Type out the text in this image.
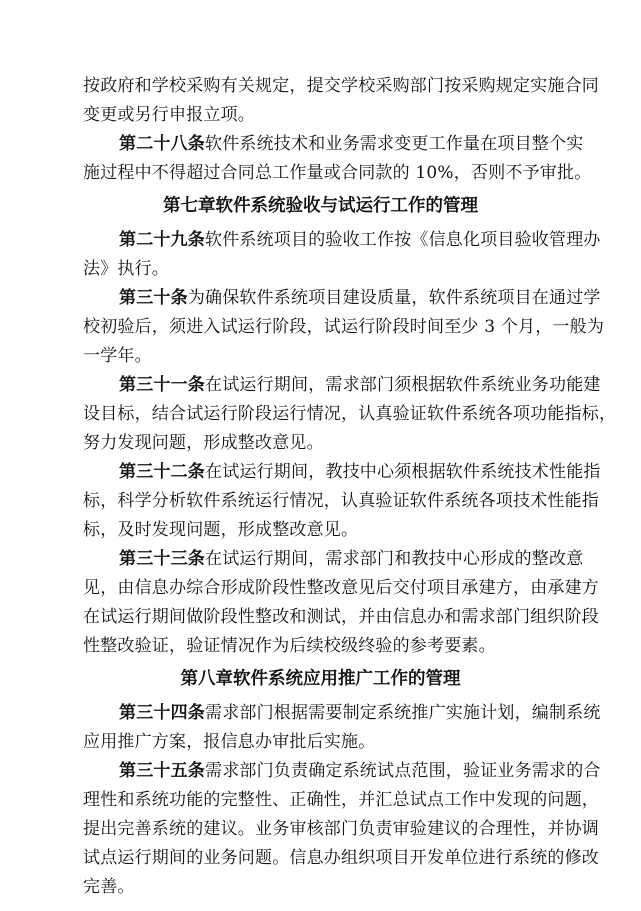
按政府和学校采购有关规定，提交学校采购部门按采购规定实施合同
变更或另行申报立项。
第二十八条软件系统技术和业务需求变更工作量在项目整个实
施过程中不得超过合同总工作量或合同款的 10%，否则不予审批。
第七章软件系统验收与试运行工作的管理
第二十九条软件系统项目的验收工作按《信息化项目验收管理办
法》执行。
第三十条为确保软件系统项目建设质量，软件系统项目在通过学
校初验后，须进入试运行阶段，试运行阶段时间至少 3 个月，一般为
一学年。
第三十一条在试运行期间，需求部门须根据软件系统业务功能建
设目标，结合试运行阶段运行情况，认真验证软件系统各项功能指标，
努力发现问题，形成整改意见。
第三十二条在试运行期间，教技中心须根据软件系统技术性能指
标，科学分析软件系统运行情况，认真验证软件系统各项技术性能指
标，及时发现问题，形成整改意见。
第三十三条在试运行期间，需求部门和教技中心形成的整改意
见，由信息办综合形成阶段性整改意见后交付项目承建方，由承建方
在试运行期间做阶段性整改和测试，并由信息办和需求部门组织阶段
性整改验证，验证情况作为后续校级终验的参考要素。
第八章软件系统应用推广工作的管理
第三十四条需求部门根据需要制定系统推广实施计划，编制系统
应用推广方案，报信息办审批后实施。
第三十五条需求部门负责确定系统试点范围，验证业务需求的合
理性和系统功能的完整性、正确性，并汇总试点工作中发现的问题，
提出完善系统的建议。业务审核部门负责审验建议的合理性，并协调
试点运行期间的业务问题。信息办组织项目开发单位进行系统的修改
完善。
